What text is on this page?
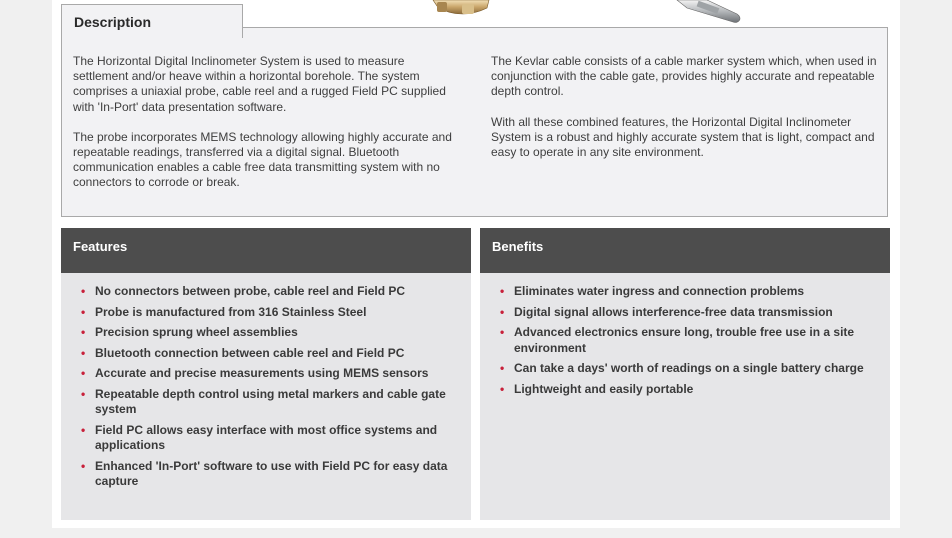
The Horizontal Digital Inclinometer System is used to measure settlement and/or heave within a horizontal borehole. The system comprises a uniaxial probe, cable reel and a rugged Field PC supplied with 'In-Port' data presentation software.

The probe incorporates MEMS technology allowing highly accurate and repeatable readings, transferred via a digital signal. Bluetooth communication enables a cable free data transmitting system with no connectors to corrode or break.

The Kevlar cable consists of a cable marker system which, when used in conjunction with the cable gate, provides highly accurate and repeatable depth control.

With all these combined features, the Horizontal Digital Inclinometer System is a robust and highly accurate system that is light, compact and easy to operate in any site environment.

Description
Features
• No connectors between probe, cable reel and Field PC
• Probe is manufactured from 316 Stainless Steel
• Precision sprung wheel assemblies
• Bluetooth connection between cable reel and Field PC
• Accurate and precise measurements using MEMS sensors
• Repeatable depth control using metal markers and cable gate system
• Field PC allows easy interface with most office systems and applications
• Enhanced 'In-Port' software to use with Field PC for easy data capture
Benefits
• Eliminates water ingress and connection problems
• Digital signal allows interference-free data transmission
• Advanced electronics ensure long, trouble free use in a site environment
• Can take a days' worth of readings on a single battery charge
• Lightweight and easily portable
